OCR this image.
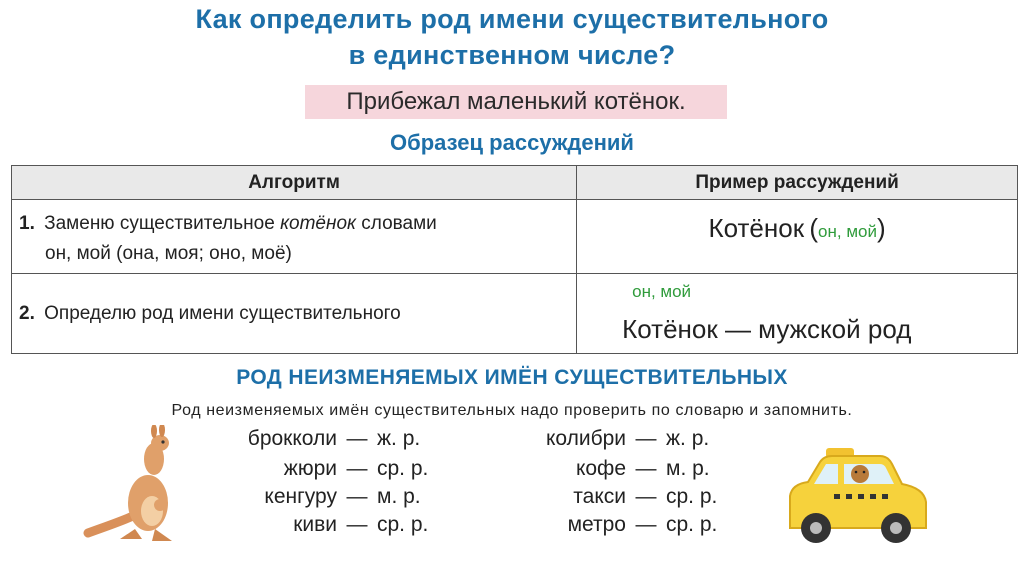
Как определить род имени существительного
в единственном числе?
Прибежал маленький котёнок.
Образец рассуждений
Алгоритм	Пример рассуждений

1. Заменю существительное котёнок словами
он, мой (она, моя; оно, моё)	Котёнок (он, мой)

2. Определю род имени существительного	он, мой
Котёнок — мужской род
РОД НЕИЗМЕНЯЕМЫХ ИМЁН СУЩЕСТВИТЕЛЬНЫХ
Род неизменяемых имён существительных надо проверить по словарю и запомнить.
брокколи — ж. р.
жюри — ср. р.
кенгуру — м. р.
киви — ср. р.
колибри — ж. р.
кофе — м. р.
такси — ср. р.
метро — ср. р.
